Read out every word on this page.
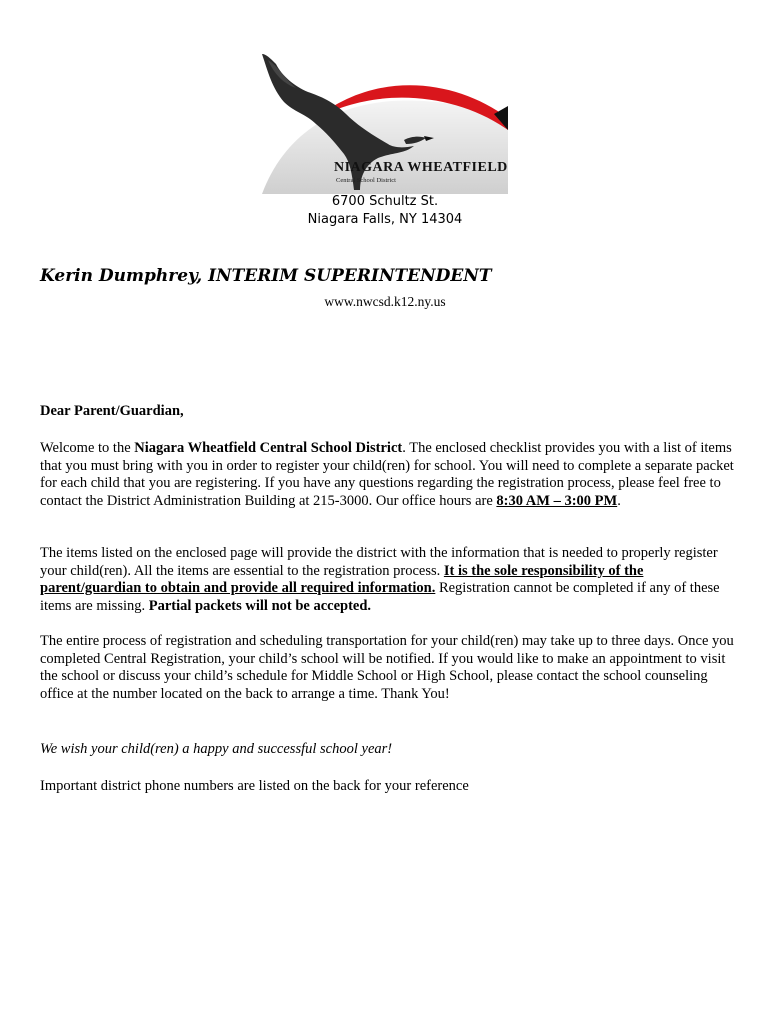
NIAGARA WHEATFIELD
Central School District
6700 Schultz St.
Niagara Falls, NY 14304
Kerin Dumphrey, INTERIM SUPERINTENDENT
www.nwcsd.k12.ny.us

Dear Parent/Guardian,

Welcome to the Niagara Wheatfield Central School District. The enclosed checklist provides you with a list of items that you must bring with you in order to register your child(ren) for school. You will need to complete a separate packet for each child that you are registering. If you have any questions regarding the registration process, please feel free to contact the District Administration Building at 215-3000. Our office hours are 8:30 AM – 3:00 PM.

The items listed on the enclosed page will provide the district with the information that is needed to properly register your child(ren). All the items are essential to the registration process. It is the sole responsibility of the parent/guardian to obtain and provide all required information. Registration cannot be completed if any of these items are missing. Partial packets will not be accepted.

The entire process of registration and scheduling transportation for your child(ren) may take up to three days. Once you completed Central Registration, your child’s school will be notified. If you would like to make an appointment to visit the school or discuss your child’s schedule for Middle School or High School, please contact the school counseling office at the number located on the back to arrange a time. Thank You!

We wish your child(ren) a happy and successful school year!

Important district phone numbers are listed on the back for your reference
